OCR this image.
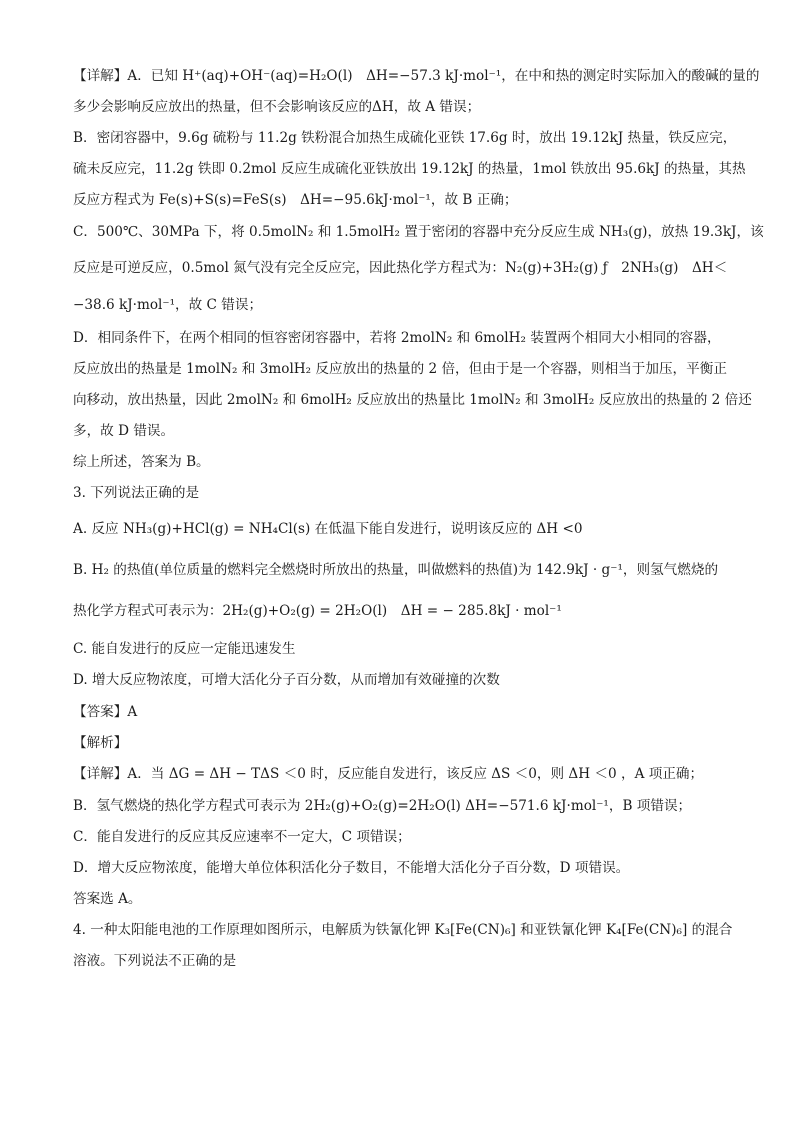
【详解】A．已知 H⁺(aq)+OH⁻(aq)=H₂O(l)　ΔH=−57.3 kJ·mol⁻¹，在中和热的测定时实际加入的酸碱的量的
多少会影响反应放出的热量，但不会影响该反应的ΔH，故 A 错误；
B．密闭容器中，9.6g 硫粉与 11.2g 铁粉混合加热生成硫化亚铁 17.6g 时，放出 19.12kJ 热量，铁反应完，
硫未反应完，11.2g 铁即 0.2mol 反应生成硫化亚铁放出 19.12kJ 的热量，1mol 铁放出 95.6kJ 的热量，其热
反应方程式为 Fe(s)+S(s)=FeS(s)　ΔH=−95.6kJ·mol⁻¹，故 B 正确；
C．500℃、30MPa 下，将 0.5molN₂ 和 1.5molH₂ 置于密闭的容器中充分反应生成 NH₃(g)，放热 19.3kJ，该
反应是可逆反应，0.5mol 氮气没有完全反应完，因此热化学方程式为：N₂(g)+3H₂(g) ƒ　2NH₃(g)　ΔH＜
−38.6 kJ·mol⁻¹，故 C 错误；
D．相同条件下，在两个相同的恒容密闭容器中，若将 2molN₂ 和 6molH₂ 装置两个相同大小相同的容器，
反应放出的热量是 1molN₂ 和 3molH₂ 反应放出的热量的 2 倍，但由于是一个容器，则相当于加压，平衡正
向移动，放出热量，因此 2molN₂ 和 6molH₂ 反应放出的热量比 1molN₂ 和 3molH₂ 反应放出的热量的 2 倍还
多，故 D 错误。
综上所述，答案为 B。
3. 下列说法正确的是
A. 反应 NH₃(g)+HCl(g) = NH₄Cl(s) 在低温下能自发进行，说明该反应的 ΔH <0
B. H₂ 的热值(单位质量的燃料完全燃烧时所放出的热量，叫做燃料的热值)为 142.9kJ · g⁻¹，则氢气燃烧的
热化学方程式可表示为：2H₂(g)+O₂(g) = 2H₂O(l)　ΔH = − 285.8kJ · mol⁻¹
C. 能自发进行的反应一定能迅速发生
D. 增大反应物浓度，可增大活化分子百分数，从而增加有效碰撞的次数
【答案】A
【解析】
【详解】A．当 ΔG = ΔH − TΔS ＜0 时，反应能自发进行，该反应 ΔS ＜0，则 ΔH ＜0 ，A 项正确；
B．氢气燃烧的热化学方程式可表示为 2H₂(g)+O₂(g)=2H₂O(l) ΔH=−571.6 kJ·mol⁻¹，B 项错误；
C．能自发进行的反应其反应速率不一定大，C 项错误；
D．增大反应物浓度，能增大单位体积活化分子数目，不能增大活化分子百分数，D 项错误。
答案选 A。
4. 一种太阳能电池的工作原理如图所示，电解质为铁氰化钾 K₃[Fe(CN)₆] 和亚铁氰化钾 K₄[Fe(CN)₆] 的混合
溶液。下列说法不正确的是
